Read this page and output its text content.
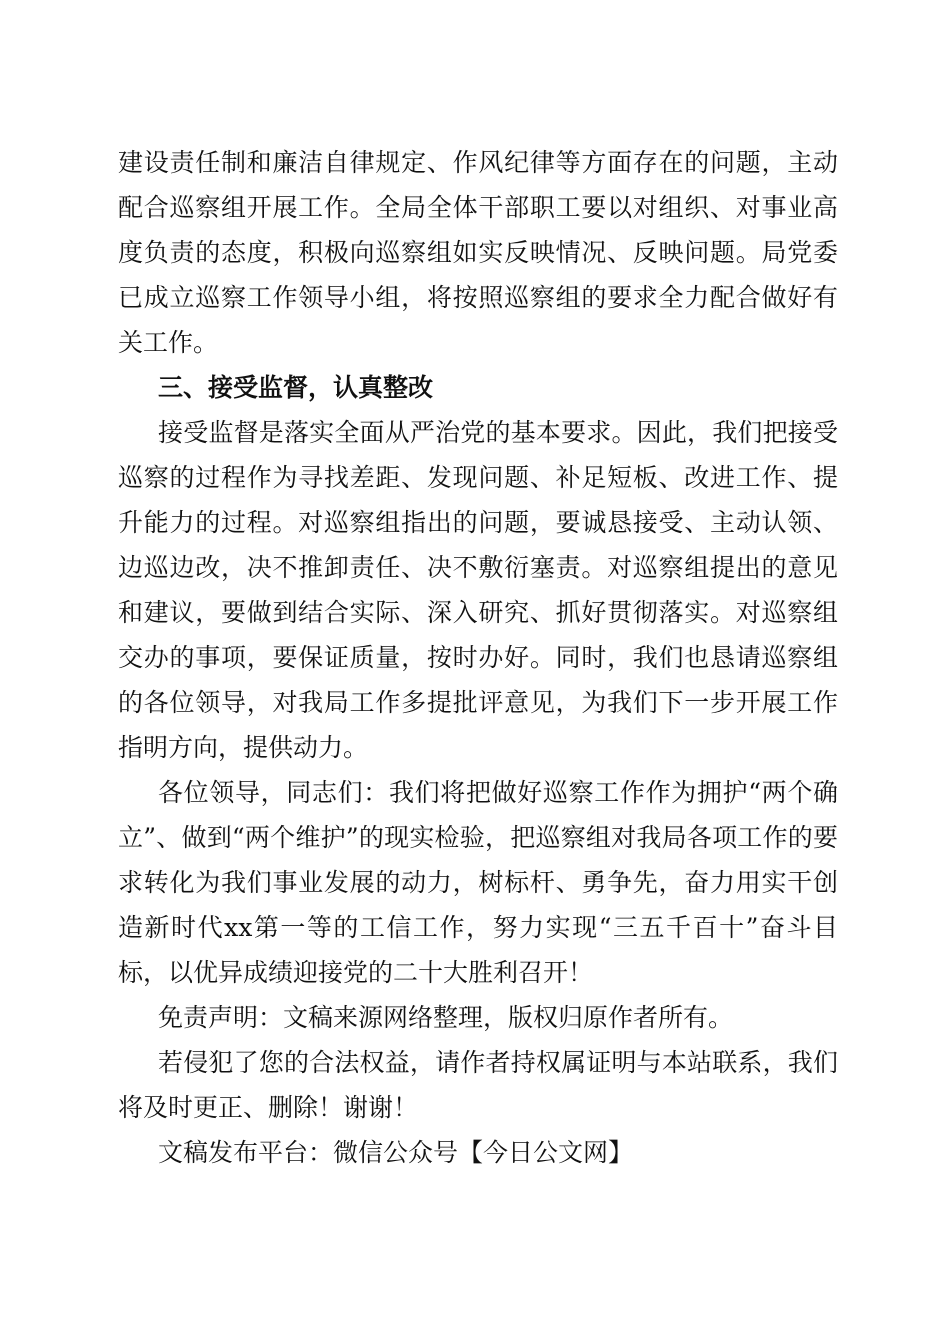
建设责任制和廉洁自律规定、作风纪律等方面存在的问题，主动配合巡察组开展工作。全局全体干部职工要以对组织、对事业高度负责的态度，积极向巡察组如实反映情况、反映问题。局党委已成立巡察工作领导小组，将按照巡察组的要求全力配合做好有关工作。

三、接受监督，认真整改

接受监督是落实全面从严治党的基本要求。因此，我们把接受巡察的过程作为寻找差距、发现问题、补足短板、改进工作、提升能力的过程。对巡察组指出的问题，要诚恳接受、主动认领、边巡边改，决不推卸责任、决不敷衍塞责。对巡察组提出的意见和建议，要做到结合实际、深入研究、抓好贯彻落实。对巡察组交办的事项，要保证质量，按时办好。同时，我们也恳请巡察组的各位领导，对我局工作多提批评意见，为我们下一步开展工作指明方向，提供动力。

各位领导，同志们：我们将把做好巡察工作作为拥护“两个确立”、做到“两个维护”的现实检验，把巡察组对我局各项工作的要求转化为我们事业发展的动力，树标杆、勇争先，奋力用实干创造新时代xx第一等的工信工作，努力实现“三五千百十”奋斗目标，以优异成绩迎接党的二十大胜利召开！

免责声明：文稿来源网络整理，版权归原作者所有。

若侵犯了您的合法权益，请作者持权属证明与本站联系，我们将及时更正、删除！谢谢！

文稿发布平台：微信公众号【今日公文网】
